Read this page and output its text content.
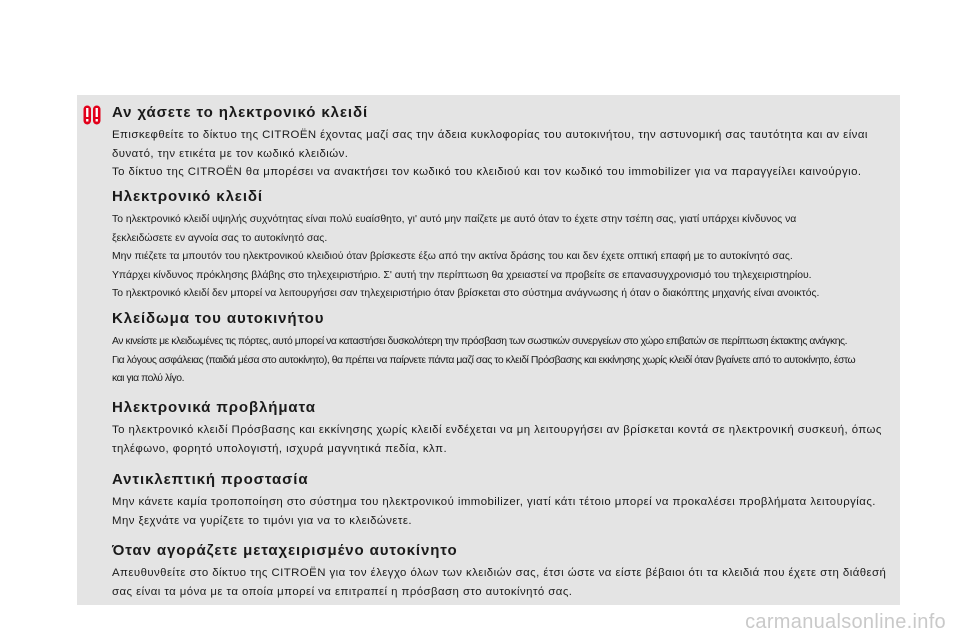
Αν χάσετε το ηλεκτρονικό κλειδί

Επισκεφθείτε το δίκτυο της CITROËN έχοντας μαζί σας την άδεια κυκλοφορίας του αυτοκινήτου, την αστυνομική σας ταυτότητα και αν είναι

δυνατό, την ετικέτα με τον κωδικό κλειδιών.

Το δίκτυο της CITROËN θα μπορέσει να ανακτήσει τον κωδικό του κλειδιού και τον κωδικό του immobilizer για να παραγγείλει καινούργιο.

Ηλεκτρονικό κλειδί

Το ηλεκτρονικό κλειδί υψηλής συχνότητας είναι πολύ ευαίσθητο, γι' αυτό μην παίζετε με αυτό όταν το έχετε στην τσέπη σας, γιατί υπάρχει κίνδυνος να

ξεκλειδώσετε εν αγνοία σας το αυτοκίνητό σας.

Μην πιέζετε τα μπουτόν του ηλεκτρονικού κλειδιού όταν βρίσκεστε έξω από την ακτίνα δράσης του και δεν έχετε οπτική επαφή με το αυτοκίνητό σας.

Υπάρχει κίνδυνος πρόκλησης βλάβης στο τηλεχειριστήριο. Σ' αυτή την περίπτωση θα χρειαστεί να προβείτε σε επανασυγχρονισμό του τηλεχειριστηρίου.

Το ηλεκτρονικό κλειδί δεν μπορεί να λειτουργήσει σαν τηλεχειριστήριο όταν βρίσκεται στο σύστημα ανάγνωσης ή όταν ο διακόπτης μηχανής είναι ανοικτός.

Κλείδωμα του αυτοκινήτου

Αν κινείστε με κλειδωμένες τις πόρτες, αυτό μπορεί να καταστήσει δυσκολότερη την πρόσβαση των σωστικών συνεργείων στο χώρο επιβατών σε περίπτωση έκτακτης ανάγκης.

Για λόγους ασφάλειας (παιδιά μέσα στο αυτοκίνητο), θα πρέπει να παίρνετε πάντα μαζί σας το κλειδί Πρόσβασης και εκκίνησης χωρίς κλειδί όταν βγαίνετε από το αυτοκίνητο, έστω

και για πολύ λίγο.

Ηλεκτρονικά προβλήματα

Το ηλεκτρονικό κλειδί Πρόσβασης και εκκίνησης χωρίς κλειδί ενδέχεται να μη λειτουργήσει αν βρίσκεται κοντά σε ηλεκτρονική συσκευή, όπως

τηλέφωνο, φορητό υπολογιστή, ισχυρά μαγνητικά πεδία, κλπ.

Αντικλεπτική προστασία

Μην κάνετε καμία τροποποίηση στο σύστημα του ηλεκτρονικού immobilizer, γιατί κάτι τέτοιο μπορεί να προκαλέσει προβλήματα λειτουργίας.

Μην ξεχνάτε να γυρίζετε το τιμόνι για να το κλειδώνετε.

Όταν αγοράζετε μεταχειρισμένο αυτοκίνητο

Απευθυνθείτε στο δίκτυο της CITROËN για τον έλεγχο όλων των κλειδιών σας, έτσι ώστε να είστε βέβαιοι ότι τα κλειδιά που έχετε στη διάθεσή

σας είναι τα μόνα με τα οποία μπορεί να επιτραπεί η πρόσβαση στο αυτοκίνητό σας.

carmanualsonline.info
